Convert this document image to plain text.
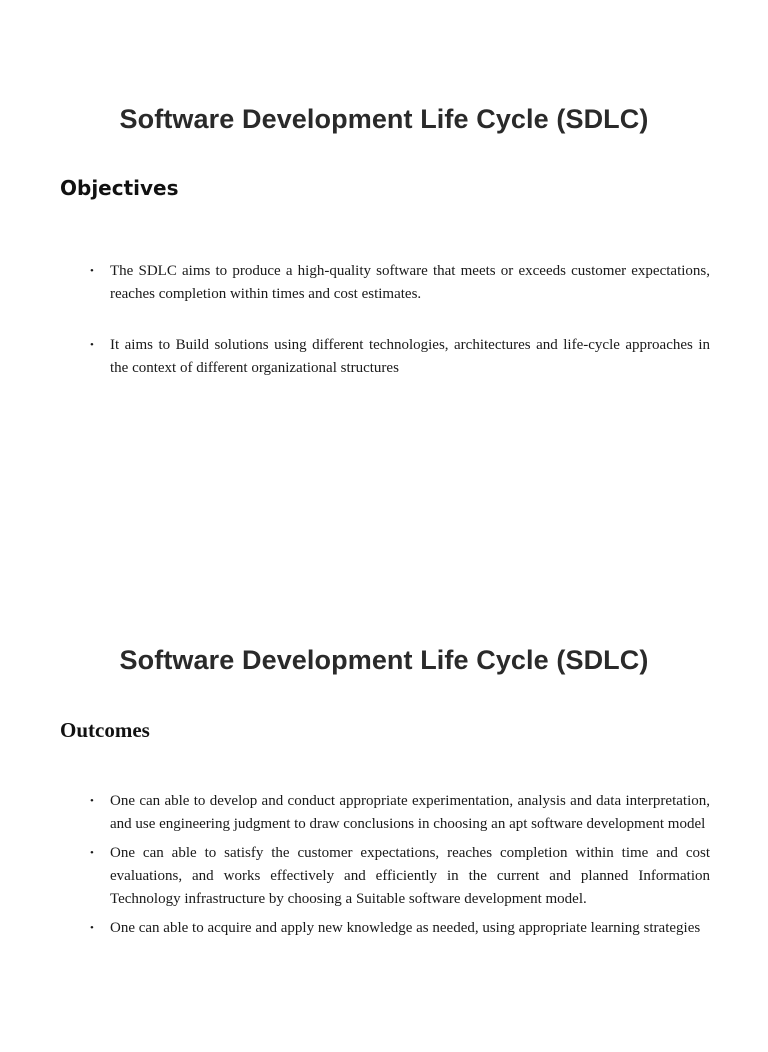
Software Development Life Cycle (SDLC)
Objectives
•	The SDLC aims to produce a high-quality software that meets or exceeds customer expectations, reaches completion within times and cost estimates.
•	It aims to Build solutions using different technologies, architectures and life-cycle approaches in the context of different organizational structures
Software Development Life Cycle (SDLC)
Outcomes
•	One can able to develop and conduct appropriate experimentation, analysis and data interpretation, and use engineering judgment to draw conclusions in choosing an apt software development model
•	One can able to satisfy the customer expectations, reaches completion within time and cost evaluations, and works effectively and efficiently in the current and planned Information Technology infrastructure by choosing a Suitable software development model.
•	One can able to acquire and apply new knowledge as needed, using appropriate learning strategies
